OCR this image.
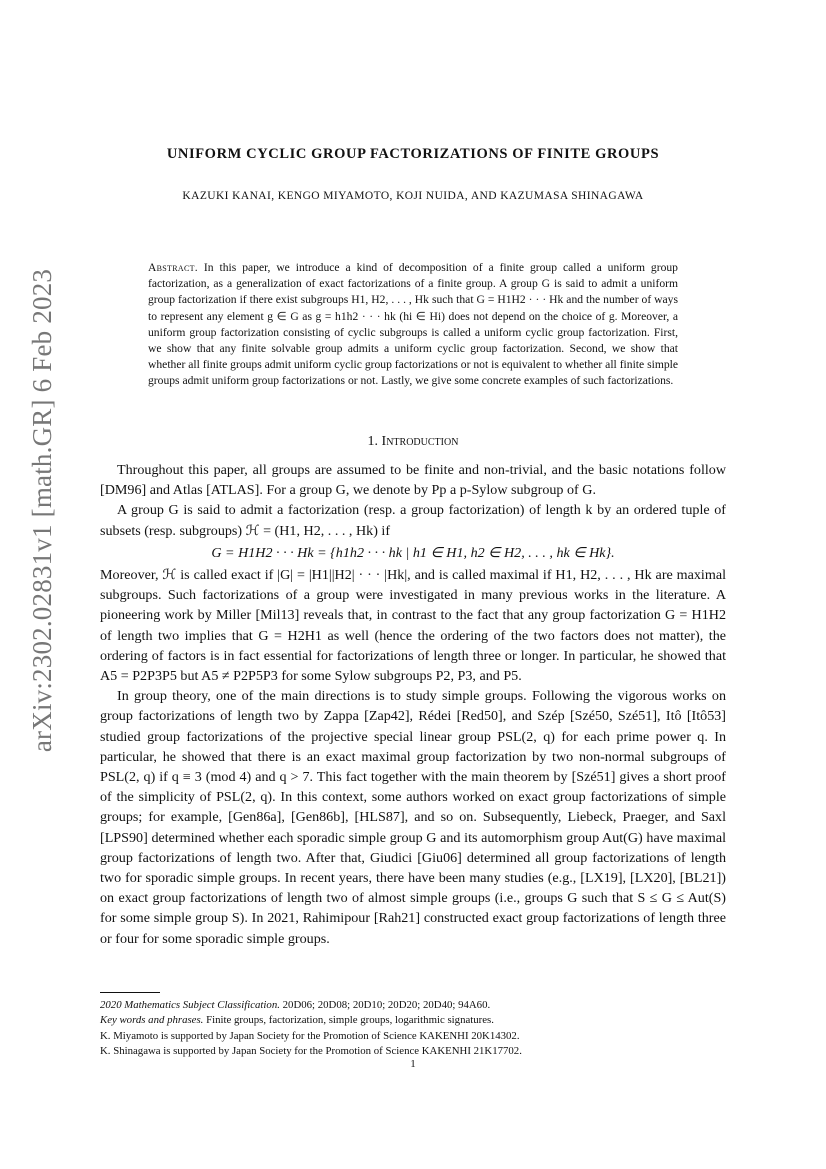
arXiv:2302.02831v1 [math.GR] 6 Feb 2023
UNIFORM CYCLIC GROUP FACTORIZATIONS OF FINITE GROUPS
KAZUKI KANAI, KENGO MIYAMOTO, KOJI NUIDA, AND KAZUMASA SHINAGAWA
Abstract. In this paper, we introduce a kind of decomposition of a finite group called a uniform group factorization, as a generalization of exact factorizations of a finite group. A group G is said to admit a uniform group factorization if there exist subgroups H1, H2, . . . , Hk such that G = H1H2 · · · Hk and the number of ways to represent any element g ∈ G as g = h1h2 · · · hk (hi ∈ Hi) does not depend on the choice of g. Moreover, a uniform group factorization consisting of cyclic subgroups is called a uniform cyclic group factorization. First, we show that any finite solvable group admits a uniform cyclic group factorization. Second, we show that whether all finite groups admit uniform cyclic group factorizations or not is equivalent to whether all finite simple groups admit uniform group factorizations or not. Lastly, we give some concrete examples of such factorizations.
1. Introduction

Throughout this paper, all groups are assumed to be finite and non-trivial, and the basic notations follow [DM96] and Atlas [ATLAS]. For a group G, we denote by Pp a p-Sylow subgroup of G.

A group G is said to admit a factorization (resp. a group factorization) of length k by an ordered tuple of subsets (resp. subgroups) ℋ = (H1, H2, . . . , Hk) if

G = H1H2 · · · Hk = {h1h2 · · · hk | h1 ∈ H1, h2 ∈ H2, . . . , hk ∈ Hk}.

Moreover, ℋ is called exact if |G| = |H1||H2| · · · |Hk|, and is called maximal if H1, H2, . . . , Hk are maximal subgroups. Such factorizations of a group were investigated in many previous works in the literature. A pioneering work by Miller [Mil13] reveals that, in contrast to the fact that any group factorization G = H1H2 of length two implies that G = H2H1 as well (hence the ordering of the two factors does not matter), the ordering of factors is in fact essential for factorizations of length three or longer. In particular, he showed that A5 = P2P3P5 but A5 ≠ P2P5P3 for some Sylow subgroups P2, P3, and P5.

In group theory, one of the main directions is to study simple groups. Following the vigorous works on group factorizations of length two by Zappa [Zap42], Rédei [Red50], and Szép [Szé50, Szé51], Itô [Itô53] studied group factorizations of the projective special linear group PSL(2, q) for each prime power q. In particular, he showed that there is an exact maximal group factorization by two non-normal subgroups of PSL(2, q) if q ≡ 3 (mod 4) and q > 7. This fact together with the main theorem by [Szé51] gives a short proof of the simplicity of PSL(2, q). In this context, some authors worked on exact group factorizations of simple groups; for example, [Gen86a], [Gen86b], [HLS87], and so on. Subsequently, Liebeck, Praeger, and Saxl [LPS90] determined whether each sporadic simple group G and its automorphism group Aut(G) have maximal group factorizations of length two. After that, Giudici [Giu06] determined all group factorizations of length two for sporadic simple groups. In recent years, there have been many studies (e.g., [LX19], [LX20], [BL21]) on exact group factorizations of length two of almost simple groups (i.e., groups G such that S ≤ G ≤ Aut(S) for some simple group S). In 2021, Rahimipour [Rah21] constructed exact group factorizations of length three or four for some sporadic simple groups.

2020 Mathematics Subject Classification. 20D06; 20D08; 20D10; 20D20; 20D40; 94A60.
Key words and phrases. Finite groups, factorization, simple groups, logarithmic signatures.
K. Miyamoto is supported by Japan Society for the Promotion of Science KAKENHI 20K14302.
K. Shinagawa is supported by Japan Society for the Promotion of Science KAKENHI 21K17702.
1
